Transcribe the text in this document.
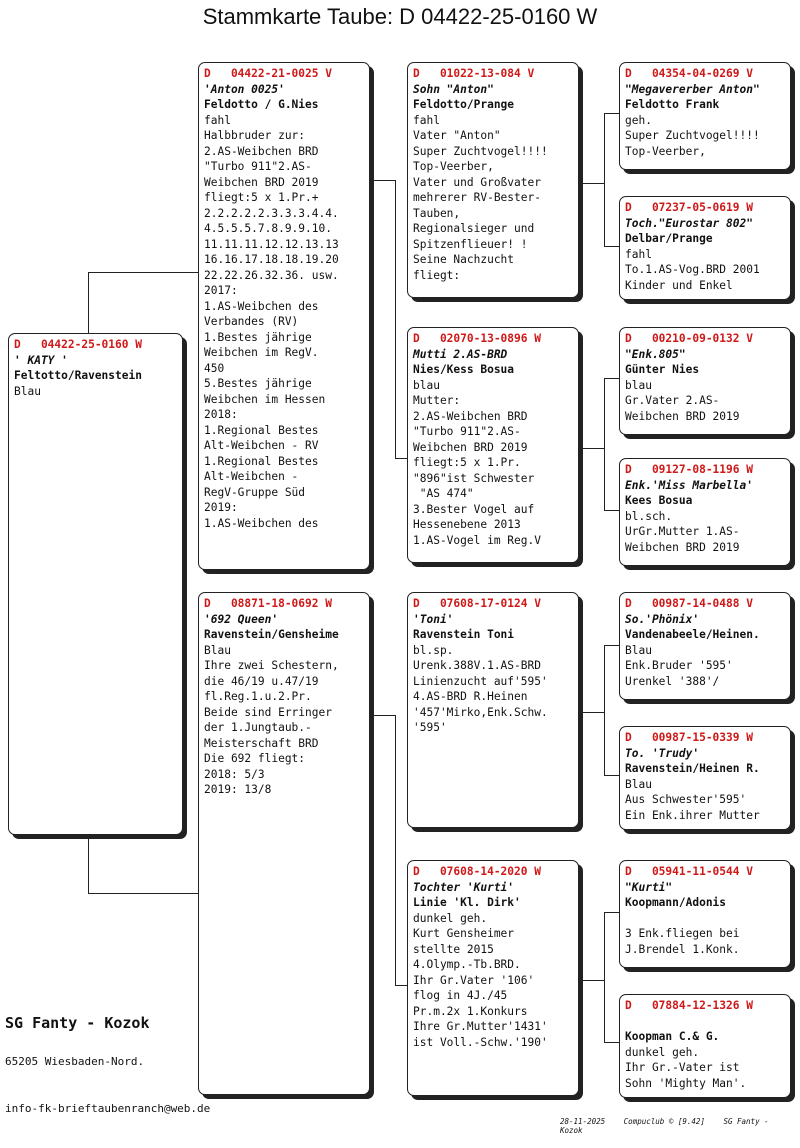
Stammkarte Taube: D 04422-25-0160 W
D   04422-25-0160 W
' KATY '
Feltotto/Ravenstein
Blau
D   04422-21-0025 V
'Anton 0025'
Feldotto / G.Nies
fahl
Halbbruder zur:
2.AS-Weibchen BRD
"Turbo 911"2.AS-
Weibchen BRD 2019
fliegt:5 x 1.Pr.+
2.2.2.2.2.3.3.3.4.4.
4.5.5.5.7.8.9.9.10.
11.11.11.12.12.13.13
16.16.17.18.18.19.20
22.22.26.32.36. usw.
2017:
1.AS-Weibchen des
Verbandes (RV)
1.Bestes jährige
Weibchen im RegV.
450
5.Bestes jährige
Weibchen im Hessen
2018:
1.Regional Bestes
Alt-Weibchen - RV
1.Regional Bestes
Alt-Weibchen -
RegV-Gruppe Süd
2019:
1.AS-Weibchen des
D   08871-18-0692 W
'692 Queen'
Ravenstein/Gensheime
Blau
Ihre zwei Schestern,
die 46/19 u.47/19
fl.Reg.1.u.2.Pr.
Beide sind Erringer
der 1.Jungtaub.-
Meisterschaft BRD
Die 692 fliegt:
2018: 5/3
2019: 13/8
D   01022-13-084 V
Sohn "Anton"
Feldotto/Prange
fahl
Vater "Anton"
Super Zuchtvogel!!!!
Top-Veerber,
Vater und Großvater
mehrerer RV-Bester-
Tauben,
Regionalsieger und
Spitzenflieuer! !
Seine Nachzucht
fliegt:
D   02070-13-0896 W
Mutti 2.AS-BRD
Nies/Kess Bosua
blau
Mutter:
2.AS-Weibchen BRD
"Turbo 911"2.AS-
Weibchen BRD 2019
fliegt:5 x 1.Pr.
"896"ist Schwester
"AS 474"
3.Bester Vogel auf
Hessenebene 2013
1.AS-Vogel im Reg.V
D   07608-17-0124 V
'Toni'
Ravenstein Toni
bl.sp.
Urenk.388V.1.AS-BRD
Linienzucht auf'595'
4.AS-BRD R.Heinen
'457'Mirko,Enk.Schw.
'595'
D   07608-14-2020 W
Tochter 'Kurti'
Linie 'Kl. Dirk'
dunkel geh.
Kurt Gensheimer
stellte 2015
4.Olymp.-Tb.BRD.
Ihr Gr.Vater '106'
flog in 4J./45
Pr.m.2x 1.Konkurs
Ihre Gr.Mutter'1431'
ist Voll.-Schw.'190'
D   04354-04-0269 V
"Megavererber Anton"
Feldotto Frank
geh.
Super Zuchtvogel!!!!
Top-Veerber,
D   07237-05-0619 W
Toch."Eurostar 802"
Delbar/Prange
fahl
To.1.AS-Vog.BRD 2001
Kinder und Enkel
D   00210-09-0132 V
"Enk.805"
Günter Nies
blau
Gr.Vater 2.AS-
Weibchen BRD 2019
D   09127-08-1196 W
Enk.'Miss Marbella'
Kees Bosua
bl.sch.
UrGr.Mutter 1.AS-
Weibchen BRD 2019
D   00987-14-0488 V
So.'Phönix'
Vandenabeele/Heinen.
Blau
Enk.Bruder '595'
Urenkel '388'/
D   00987-15-0339 W
To. 'Trudy'
Ravenstein/Heinen R.
Blau
Aus Schwester'595'
Ein Enk.ihrer Mutter
D   05941-11-0544 V
"Kurti"
Koopmann/Adonis
3 Enk.fliegen bei
J.Brendel 1.Konk.
D   07884-12-1326 W
Koopman C.& G.
dunkel geh.
Ihr Gr.-Vater ist
Sohn 'Mighty Man'.
SG Fanty - Kozok
65205 Wiesbaden-Nord.
info-fk-brieftaubenranch@web.de
28-11-2025 Compuclub © [9.42] SG Fanty - Kozok
